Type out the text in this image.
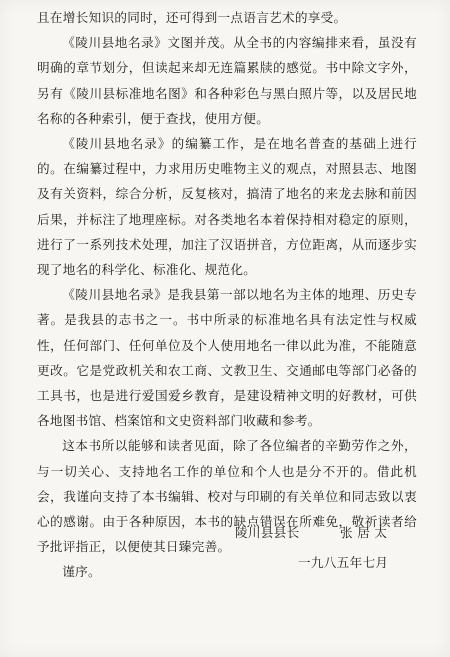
且在增长知识的同时，还可得到一点语言艺术的享受。

《陵川县地名录》文图并茂。从全书的内容编排来看，虽没有明确的章节划分，但读起来却无连篇累牍的感觉。书中除文字外，另有《陵川县标准地名图》和各种彩色与黑白照片等，以及居民地名称的各种索引，便于查找，使用方便。

《陵川县地名录》的编纂工作，是在地名普查的基础上进行的。在编纂过程中，力求用历史唯物主义的观点，对照县志、地图及有关资料，综合分析，反复核对，搞清了地名的来龙去脉和前因后果，并标注了地理座标。对各类地名本着保持相对稳定的原则，进行了一系列技术处理，加注了汉语拼音，方位距离，从而逐步实现了地名的科学化、标准化、规范化。

《陵川县地名录》是我县第一部以地名为主体的地理、历史专著。是我县的志书之一。书中所录的标准地名具有法定性与权威性，任何部门、任何单位及个人使用地名一律以此为准，不能随意更改。它是党政机关和农工商、文教卫生、交通邮电等部门必备的工具书，也是进行爱国爱乡教育，是建设精神文明的好教材，可供各地图书馆、档案馆和文史资料部门收藏和参考。

这本书所以能够和读者见面，除了各位编者的辛勤劳作之外，与一切关心、支持地名工作的单位和个人也是分不开的。借此机会，我谨向支持了本书编辑、校对与印刷的有关单位和同志致以衷心的感谢。由于各种原因，本书的缺点错误在所难免，敬祈读者给予批评指正，以便使其日臻完善。

谨序。

陵川县县长	张 居 太
一九八五年七月
